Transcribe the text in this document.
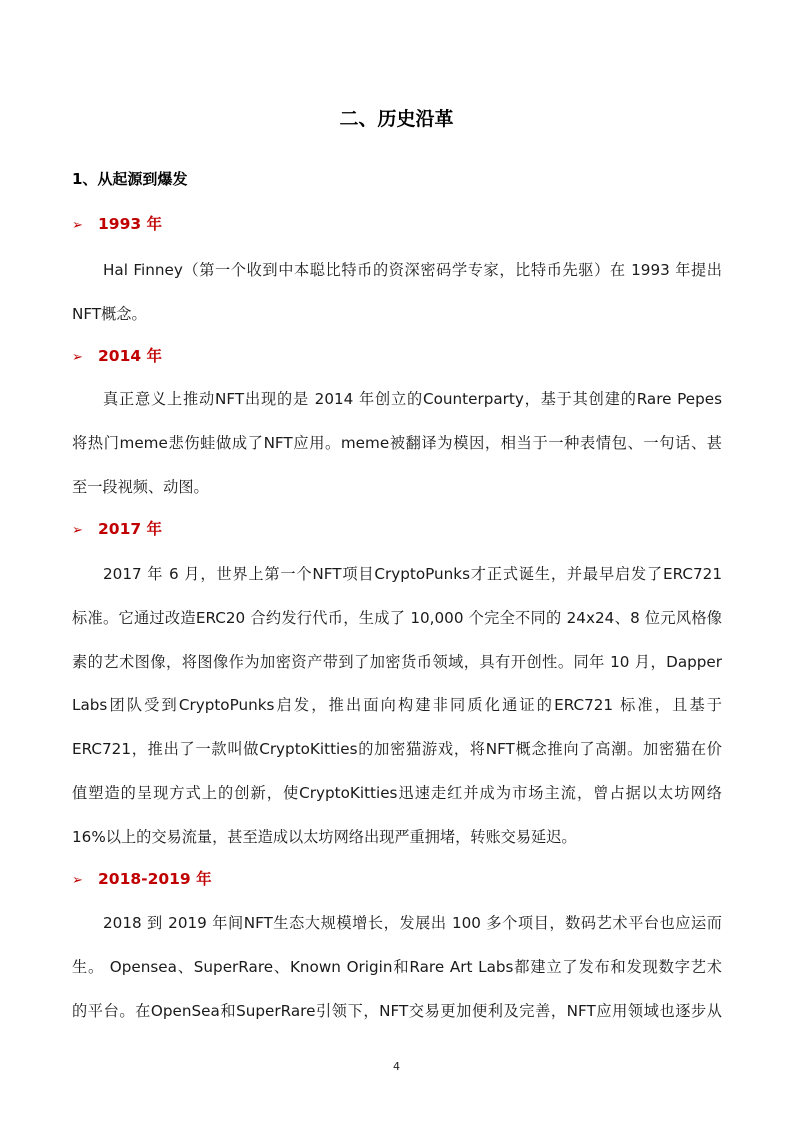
二、历史沿革
1、从起源到爆发
➢ 1993 年
Hal Finney（第一个收到中本聪比特币的资深密码学专家，比特币先驱）在 1993 年提出
NFT概念。
➢ 2014 年
真正意义上推动NFT出现的是 2014 年创立的Counterparty，基于其创建的Rare Pepes
将热门meme悲伤蛙做成了NFT应用。meme被翻译为模因，相当于一种表情包、一句话、甚
至一段视频、动图。
➢ 2017 年
2017 年 6 月，世界上第一个NFT项目CryptoPunks才正式诞生，并最早启发了ERC721
标准。它通过改造ERC20 合约发行代币，生成了 10,000 个完全不同的 24x24、8 位元风格像
素的艺术图像，将图像作为加密资产带到了加密货币领域，具有开创性。同年 10 月，Dapper
Labs团队受到CryptoPunks启发，推出面向构建非同质化通证的ERC721 标准，且基于
ERC721，推出了一款叫做CryptoKitties的加密猫游戏，将NFT概念推向了高潮。加密猫在价
值塑造的呈现方式上的创新，使CryptoKitties迅速走红并成为市场主流，曾占据以太坊网络
16%以上的交易流量，甚至造成以太坊网络出现严重拥堵，转账交易延迟。
➢ 2018-2019 年
2018 到 2019 年间NFT生态大规模增长，发展出 100 多个项目，数码艺术平台也应运而
生。 Opensea、SuperRare、Known Origin和Rare Art Labs都建立了发布和发现数字艺术
的平台。在OpenSea和SuperRare引领下，NFT交易更加便利及完善，NFT应用领域也逐步从
4
